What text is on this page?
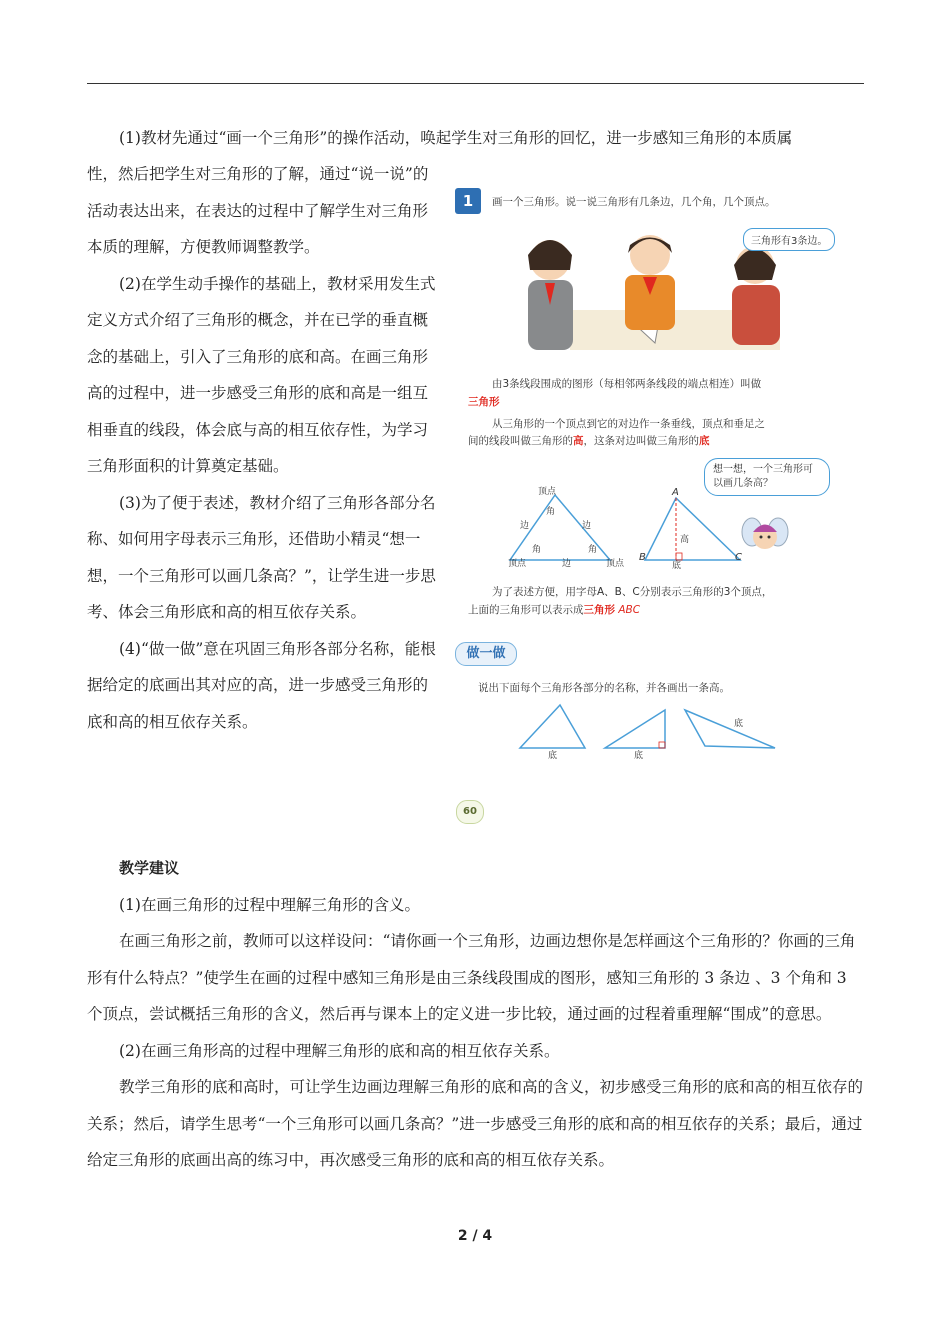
(1)教材先通过“画一个三角形”的操作活动，唤起学生对三角形的回忆，进一步感知三角形的本质属

性，然后把学生对三角形的了解，通过“说一说”的活动表达出来，在表达的过程中了解学生对三角形本质的理解，方便教师调整教学。

(2)在学生动手操作的基础上，教材采用发生式定义方式介绍了三角形的概念，并在已学的垂直概念的基础上，引入了三角形的底和高。在画三角形高的过程中，进一步感受三角形的底和高是一组互相垂直的线段，体会底与高的相互依存性，为学习三角形面积的计算奠定基础。

(3)为了便于表述，教材介绍了三角形各部分名称、如何用字母表示三角形，还借助小精灵“想一想，一个三角形可以画几条高？”，让学生进一步思考、体会三角形底和高的相互依存关系。

(4)“做一做”意在巩固三角形各部分名称，能根据给定的底画出其对应的高，进一步感受三角形的底和高的相互依存关系。

1	画一个三角形。说一说三角形有几条边，几个角，几个顶点。
三角形有3条边。
由3条线段围成的图形（每相邻两条线段的端点相连）叫做
三角形
从三角形的一个顶点到它的对边作一条垂线，顶点和垂足之
间的线段叫做三角形的高，这条对边叫做三角形的底
想一想，一个三角形可以画几条高？
顶点
角
边	边
角	角
顶点	边	顶点
A
B	C
高
底
为了表述方便，用字母A、B、C分别表示三角形的3个顶点，
上面的三角形可以表示成三角形 ABC
做一做
说出下面每个三角形各部分的名称，并各画出一条高。
底	底
底
60

教学建议

(1)在画三角形的过程中理解三角形的含义。

在画三角形之前，教师可以这样设问：“请你画一个三角形，边画边想你是怎样画这个三角形的？你画的三角形有什么特点？”使学生在画的过程中感知三角形是由三条线段围成的图形，感知三角形的 3 条边 、3 个角和 3 个顶点，尝试概括三角形的含义，然后再与课本上的定义进一步比较，通过画的过程着重理解“围成”的意思。

(2)在画三角形高的过程中理解三角形的底和高的相互依存关系。

教学三角形的底和高时，可让学生边画边理解三角形的底和高的含义，初步感受三角形的底和高的相互依存的关系；然后，请学生思考“一个三角形可以画几条高？”进一步感受三角形的底和高的相互依存的关系；最后，通过给定三角形的底画出高的练习中，再次感受三角形的底和高的相互依存关系。

2 / 4
